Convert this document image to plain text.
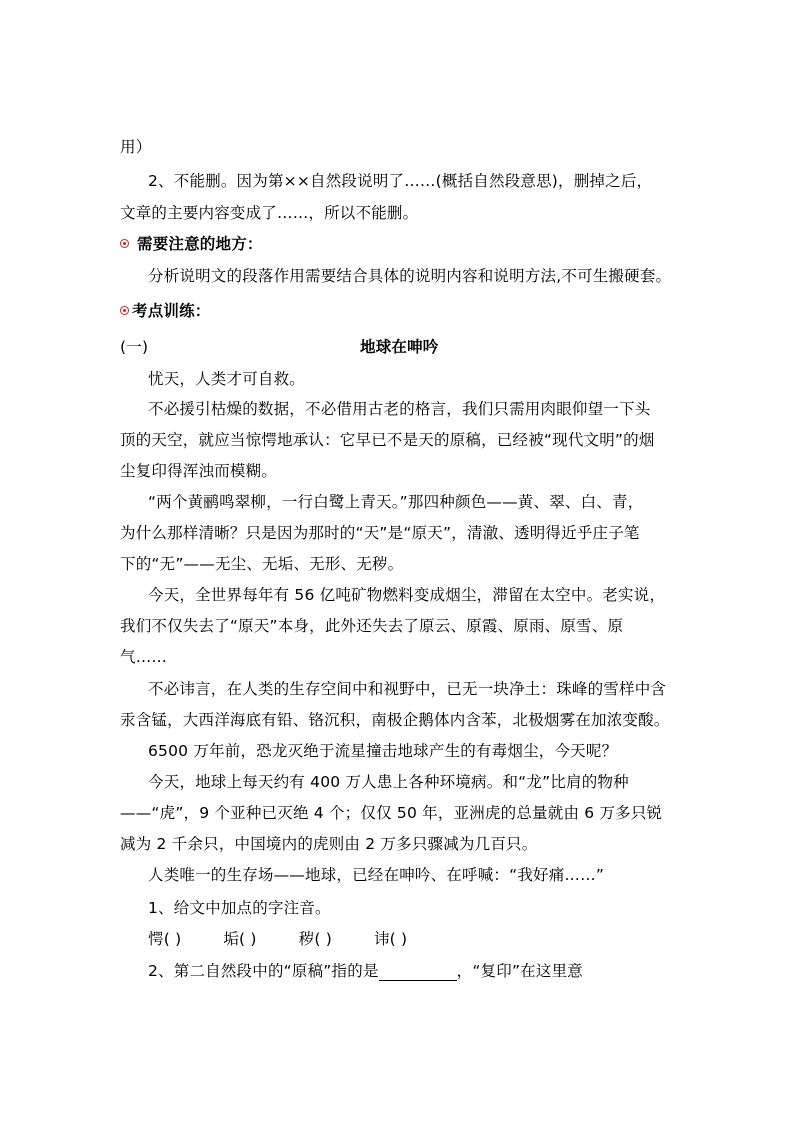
用）
2、不能删。因为第××自然段说明了……(概括自然段意思)，删掉之后，
文章的主要内容变成了……，所以不能删。
需要注意的地方：
分析说明文的段落作用需要结合具体的说明内容和说明方法,不可生搬硬套。
考点训练：
(一)	地球在呻吟
忧天，人类才可自救。
不必援引枯燥的数据，不必借用古老的格言，我们只需用肉眼仰望一下头
顶的天空，就应当惊愕地承认：它早已不是天的原稿，已经被“现代文明”的烟
尘复印得浑浊而模糊。
“两个黄鹂鸣翠柳，一行白鹭上青天。”那四种颜色——黄、翠、白、青，
为什么那样清晰？只是因为那时的“天”是“原天”，清澈、透明得近乎庄子笔
下的“无”——无尘、无垢、无形、无秽。
今天，全世界每年有 56 亿吨矿物燃料变成烟尘，滞留在太空中。老实说，
我们不仅失去了“原天”本身，此外还失去了原云、原霞、原雨、原雪、原
气……
不必讳言，在人类的生存空间中和视野中，已无一块净土：珠峰的雪样中含
汞含锰，大西洋海底有铅、铬沉积，南极企鹅体内含苯，北极烟雾在加浓变酸。
6500 万年前，恐龙灭绝于流星撞击地球产生的有毒烟尘，今天呢？
今天，地球上每天约有 400 万人患上各种环境病。和“龙”比肩的物种
——“虎”，9 个亚种已灭绝 4 个；仅仅 50 年，亚洲虎的总量就由 6 万多只锐
减为 2 千余只，中国境内的虎则由 2 万多只骤减为几百只。
人类唯一的生存场——地球，已经在呻吟、在呼喊：“我好痛……”
1、给文中加点的字注音。
愕( )	垢( )	秽( )	讳( )
2、第二自然段中的“原稿”指的是	，“复印”在这里意
